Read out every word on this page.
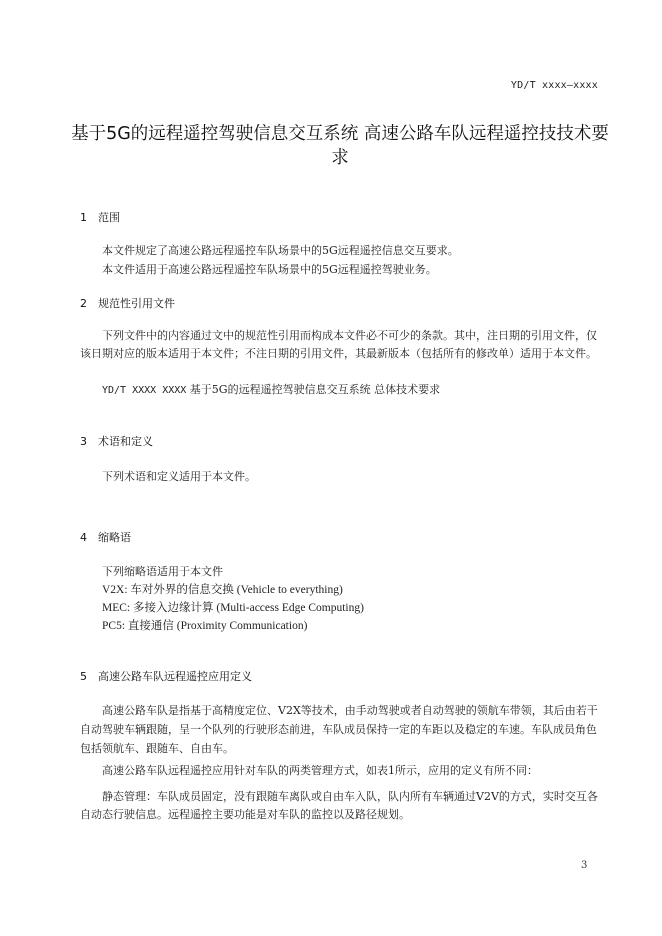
YD/T xxxx—xxxx
基于5G的远程遥控驾驶信息交互系统 高速公路车队远程遥控技技术要求
1 范围
本文件规定了高速公路远程遥控车队场景中的5G远程遥控信息交互要求。
本文件适用于高速公路远程遥控车队场景中的5G远程遥控驾驶业务。
2 规范性引用文件

下列文件中的内容通过文中的规范性引用而构成本文件必不可少的条款。其中，注日期的引用文件，仅该日期对应的版本适用于本文件；不注日期的引用文件，其最新版本（包括所有的修改单）适用于本文件。

YD/T XXXX XXXX 基于5G的远程遥控驾驶信息交互系统 总体技术要求
3 术语和定义
下列术语和定义适用于本文件。
4 缩略语
下列缩略语适用于本文件
V2X: 车对外界的信息交换 (Vehicle to everything)
MEC: 多接入边缘计算 (Multi-access Edge Computing)
PC5: 直接通信 (Proximity Communication)
5 高速公路车队远程遥控应用定义

高速公路车队是指基于高精度定位、V2X等技术，由手动驾驶或者自动驾驶的领航车带领，其后由若干自动驾驶车辆跟随，呈一个队列的行驶形态前进，车队成员保持一定的车距以及稳定的车速。车队成员角色包括领航车、跟随车、自由车。

高速公路车队远程遥控应用针对车队的两类管理方式，如表1所示，应用的定义有所不同：

静态管理：车队成员固定，没有跟随车离队或自由车入队，队内所有车辆通过V2V的方式，实时交互各自动态行驶信息。远程遥控主要功能是对车队的监控以及路径规划。

3
